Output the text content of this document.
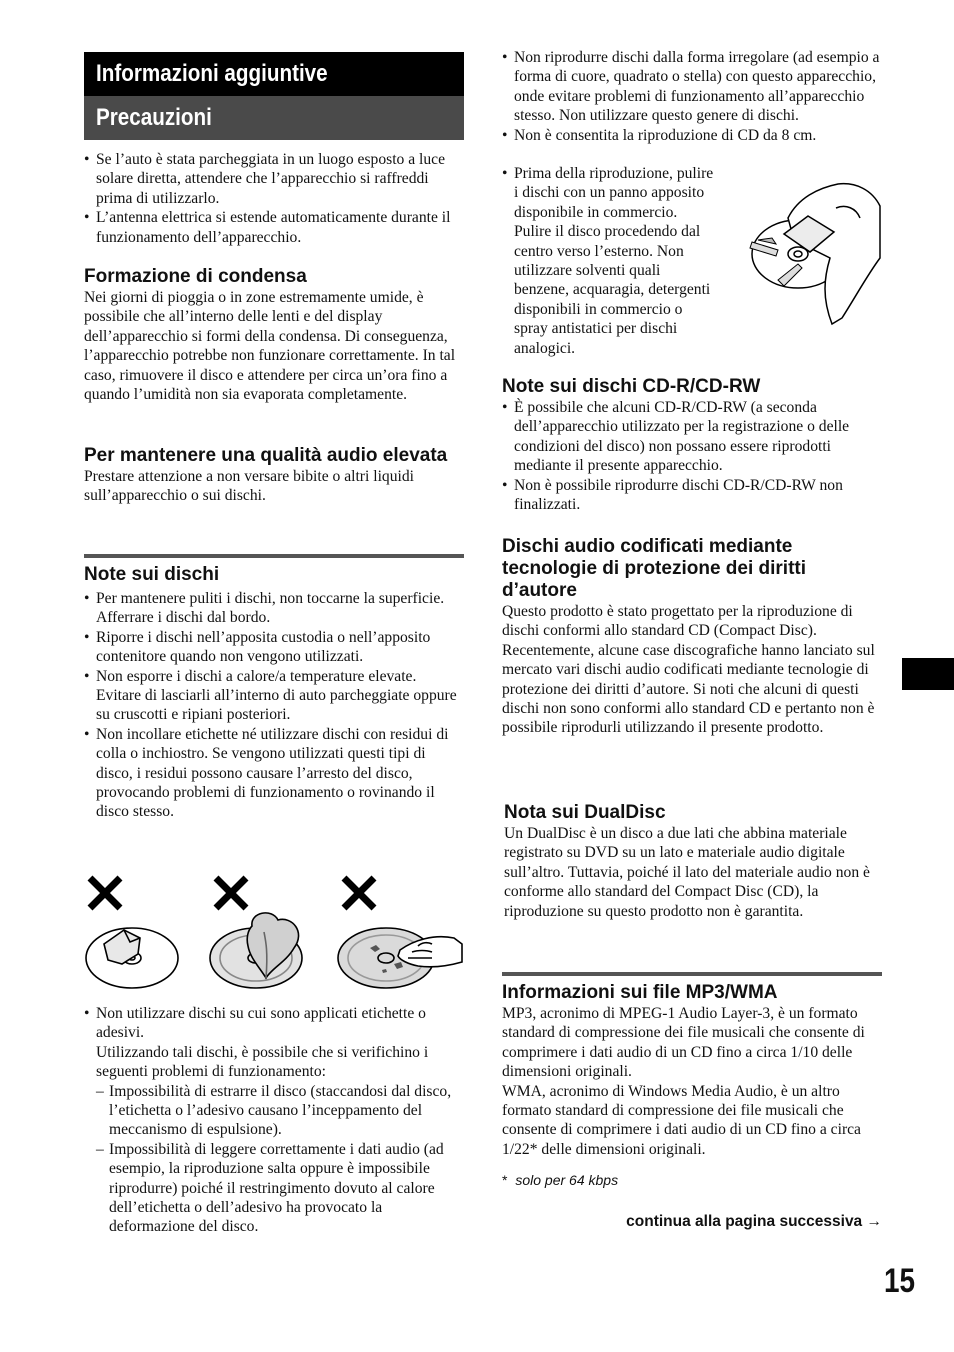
Informazioni aggiuntive
Precauzioni
• Se l’auto è stata parcheggiata in un luogo esposto a luce solare diretta, attendere che l’apparecchio si raffreddi prima di utilizzarlo.
• L’antenna elettrica si estende automaticamente durante il funzionamento dell’apparecchio.
Formazione di condensa

Nei giorni di pioggia o in zone estremamente umide, è possibile che all’interno delle lenti e del display dell’apparecchio si formi della condensa. Di conseguenza, l’apparecchio potrebbe non funzionare correttamente. In tal caso, rimuovere il disco e attendere per circa un’ora fino a quando l’umidità non sia evaporata completamente.

Per mantenere una qualità audio elevata

Prestare attenzione a non versare bibite o altri liquidi sull’apparecchio o sui dischi.

Note sui dischi
• Per mantenere puliti i dischi, non toccarne la superficie. Afferrare i dischi dal bordo.
• Riporre i dischi nell’apposita custodia o nell’apposito contenitore quando non vengono utilizzati.
• Non esporre i dischi a calore/a temperature elevate. Evitare di lasciarli all’interno di auto parcheggiate oppure su cruscotti e ripiani posteriori.
• Non incollare etichette né utilizzare dischi con residui di colla o inchiostro. Se vengono utilizzati questi tipi di disco, i residui possono causare l’arresto del disco, provocando problemi di funzionamento o rovinando il disco stesso.
• Non utilizzare dischi su cui sono applicati etichette o adesivi.

Utilizzando tali dischi, è possibile che si verifichino i seguenti problemi di funzionamento:

– Impossibilità di estrarre il disco (staccandosi dal disco, l’etichetta o l’adesivo causano l’inceppamento del meccanismo di espulsione).
– Impossibilità di leggere correttamente i dati audio (ad esempio, la riproduzione salta oppure è impossibile riprodurre) poiché il restringimento dovuto al calore dell’etichetta o dell’adesivo ha provocato la deformazione del disco.
• Non riprodurre dischi dalla forma irregolare (ad esempio a forma di cuore, quadrato o stella) con questo apparecchio, onde evitare problemi di funzionamento all’apparecchio stesso. Non utilizzare questo genere di dischi.
• Non è consentita la riproduzione di CD da 8 cm.
• Prima della riproduzione, pulire
i dischi con un panno apposito
disponibile in commercio.
Pulire il disco procedendo dal
centro verso l’esterno. Non
utilizzare solventi quali
benzene, acquaragia, detergenti
disponibili in commercio o
spray antistatici per dischi
analogici.
Note sui dischi CD-R/CD-RW
• È possibile che alcuni CD-R/CD-RW (a seconda dell’apparecchio utilizzato per la registrazione o delle condizioni del disco) non possano essere riprodotti mediante il presente apparecchio.
• Non è possibile riprodurre dischi CD-R/CD-RW non finalizzati.
Dischi audio codificati mediante tecnologie di protezione dei diritti d’autore

Questo prodotto è stato progettato per la riproduzione di dischi conformi allo standard CD (Compact Disc).

Recentemente, alcune case discografiche hanno lanciato sul mercato vari dischi audio codificati mediante tecnologie di protezione dei diritti d’autore. Si noti che alcuni di questi dischi non sono conformi allo standard CD e pertanto non è possibile riprodurli utilizzando il presente prodotto.

Nota sui DualDisc

Un DualDisc è un disco a due lati che abbina materiale registrato su DVD su un lato e materiale audio digitale sull’altro. Tuttavia, poiché il lato del materiale audio non è conforme allo standard del Compact Disc (CD), la riproduzione su questo prodotto non è garantita.

Informazioni sui file MP3/WMA

MP3, acronimo di MPEG-1 Audio Layer-3, è un formato standard di compressione dei file musicali che consente di comprimere i dati audio di un CD fino a circa 1/10 delle dimensioni originali.

WMA, acronimo di Windows Media Audio, è un altro formato standard di compressione dei file musicali che consente di comprimere i dati audio di un CD fino a circa 1/22* delle dimensioni originali.

* solo per 64 kbps
continua alla pagina successiva →
15
